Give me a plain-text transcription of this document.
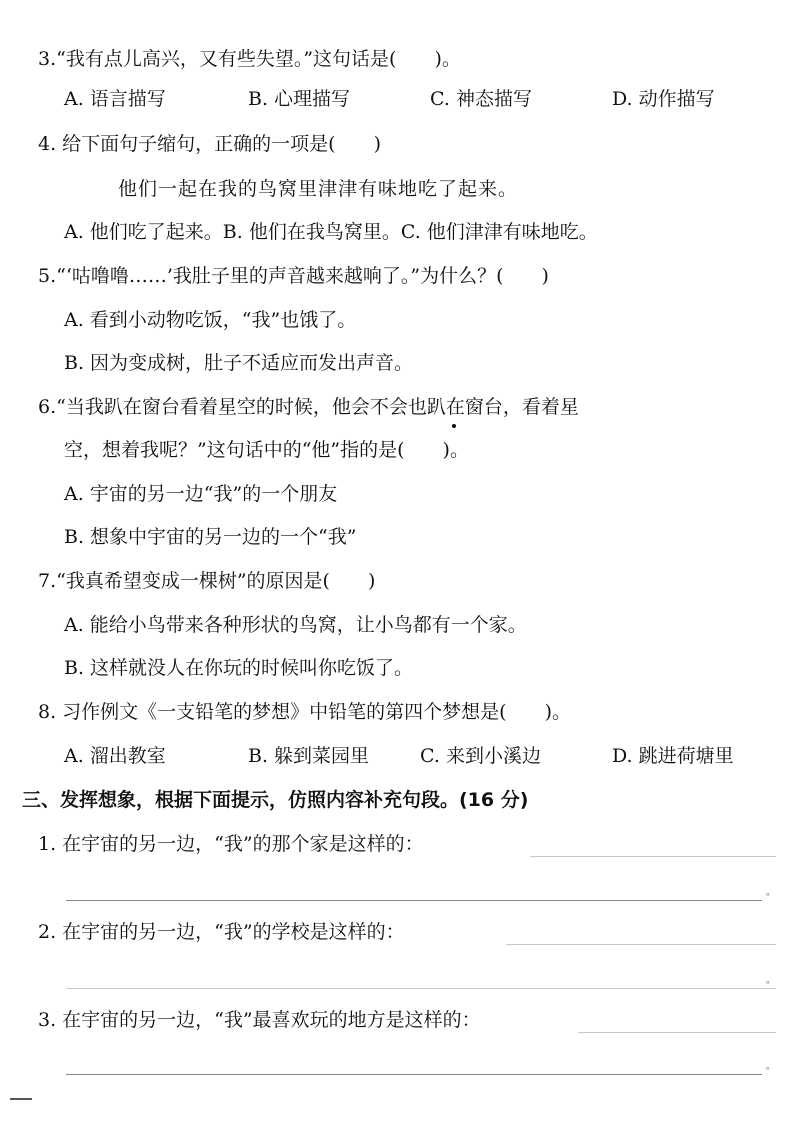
3.“我有点儿高兴，又有些失望。”这句话是(　　)。
A. 语言描写	B. 心理描写	C. 神态描写	D. 动作描写
4. 给下面句子缩句，正确的一项是(　　)
他们一起在我的鸟窝里津津有味地吃了起来。
A. 他们吃了起来。B. 他们在我鸟窝里。C. 他们津津有味地吃。
5.“‘咕噜噜……’我肚子里的声音越来越响了。”为什么？(　　)
A. 看到小动物吃饭，“我”也饿了。
B. 因为变成树，肚子不适应而发出声音。
6.“当我趴在窗台看着星空的时候，他会不会也趴在窗台，看着星
空，想着我呢？”这句话中的“他”指的是(　　)。
A. 宇宙的另一边“我”的一个朋友
B. 想象中宇宙的另一边的一个“我”
7.“我真希望变成一棵树”的原因是(　　)
A. 能给小鸟带来各种形状的鸟窝，让小鸟都有一个家。
B. 这样就没人在你玩的时候叫你吃饭了。
8. 习作例文《一支铅笔的梦想》中铅笔的第四个梦想是(　　)。
A. 溜出教室	B. 躲到菜园里	C. 来到小溪边	D. 跳进荷塘里
三、发挥想象，根据下面提示，仿照内容补充句段。(16 分)
1. 在宇宙的另一边，“我”的那个家是这样的：
。
2. 在宇宙的另一边，“我”的学校是这样的：
。
3. 在宇宙的另一边，“我”最喜欢玩的地方是这样的：
。
